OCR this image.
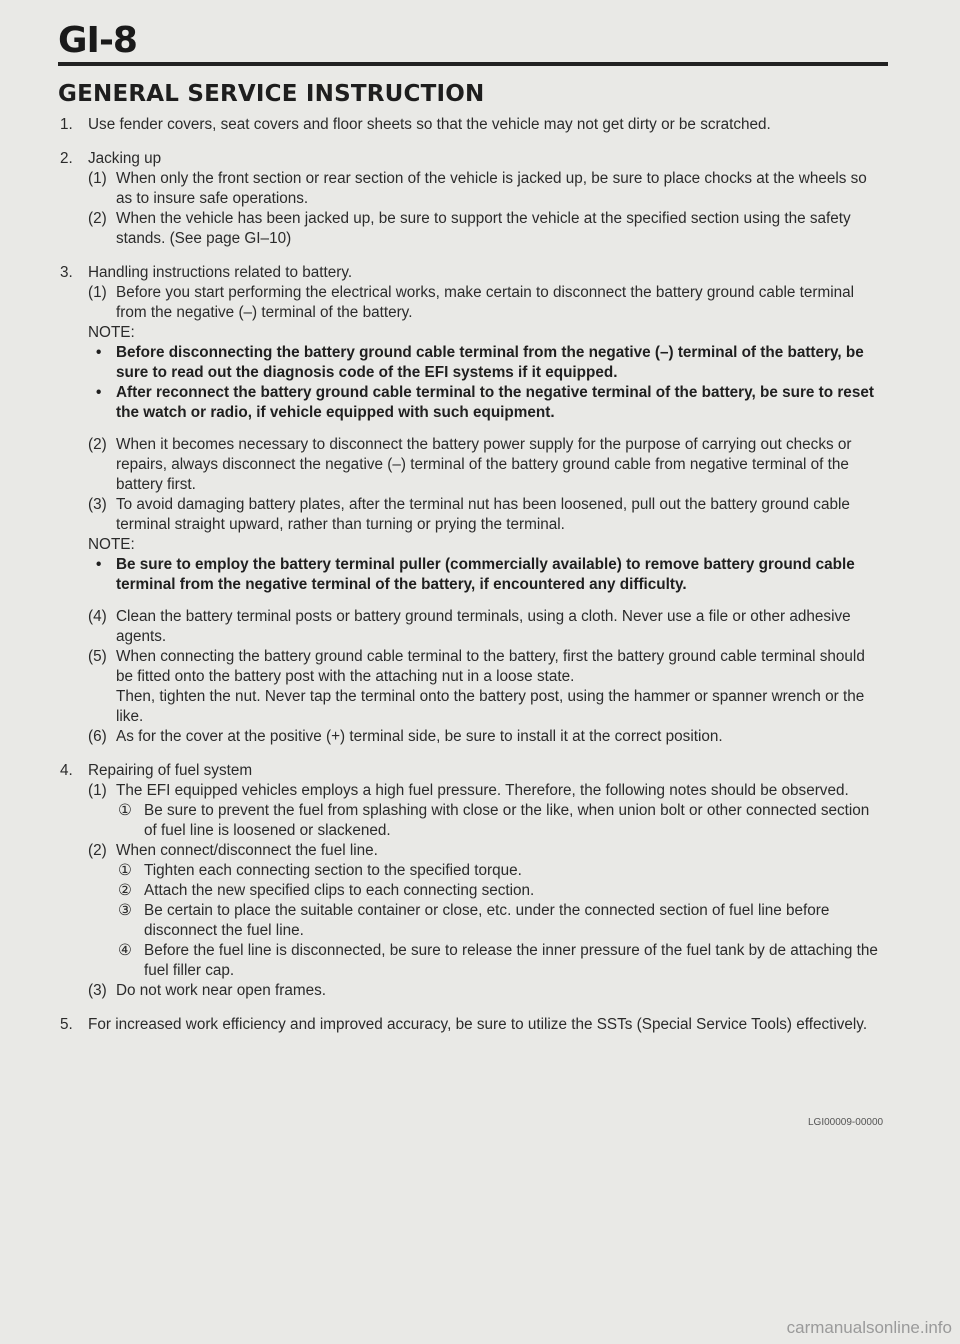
GI-8
GENERAL SERVICE INSTRUCTION
1. Use fender covers, seat covers and floor sheets so that the vehicle may not get dirty or be scratched.
2. Jacking up
(1) When only the front section or rear section of the vehicle is jacked up, be sure to place chocks at the wheels so as to insure safe operations.
(2) When the vehicle has been jacked up, be sure to support the vehicle at the specified section using the safety stands. (See page GI–10)
3. Handling instructions related to battery.
(1) Before you start performing the electrical works, make certain to disconnect the battery ground cable terminal from the negative (–) terminal of the battery.
NOTE:
• Before disconnecting the battery ground cable terminal from the negative (–) terminal of the battery, be sure to read out the diagnosis code of the EFI systems if it equipped.
• After reconnect the battery ground cable terminal to the negative terminal of the battery, be sure to reset the watch or radio, if vehicle equipped with such equipment.
(2) When it becomes necessary to disconnect the battery power supply for the purpose of carrying out checks or repairs, always disconnect the negative (–) terminal of the battery ground cable from negative terminal of the battery first.
(3) To avoid damaging battery plates, after the terminal nut has been loosened, pull out the battery ground cable terminal straight upward, rather than turning or prying the terminal.
NOTE:
• Be sure to employ the battery terminal puller (commercially available) to remove battery ground cable terminal from the negative terminal of the battery, if encountered any difficulty.
(4) Clean the battery terminal posts or battery ground terminals, using a cloth. Never use a file or other adhesive agents.
(5) When connecting the battery ground cable terminal to the battery, first the battery ground cable terminal should be fitted onto the battery post with the attaching nut in a loose state.
Then, tighten the nut. Never tap the terminal onto the battery post, using the hammer or spanner wrench or the like.
(6) As for the cover at the positive (+) terminal side, be sure to install it at the correct position.
4. Repairing of fuel system
(1) The EFI equipped vehicles employs a high fuel pressure. Therefore, the following notes should be observed.
① Be sure to prevent the fuel from splashing with close or the like, when union bolt or other connected section of fuel line is loosened or slackened.
(2) When connect/disconnect the fuel line.
① Tighten each connecting section to the specified torque.
② Attach the new specified clips to each connecting section.
③ Be certain to place the suitable container or close, etc. under the connected section of fuel line before disconnect the fuel line.
④ Before the fuel line is disconnected, be sure to release the inner pressure of the fuel tank by de attaching the fuel filler cap.
(3) Do not work near open frames.
5. For increased work efficiency and improved accuracy, be sure to utilize the SSTs (Special Service Tools) effectively.
LGI00009-00000
carmanualsonline.info
